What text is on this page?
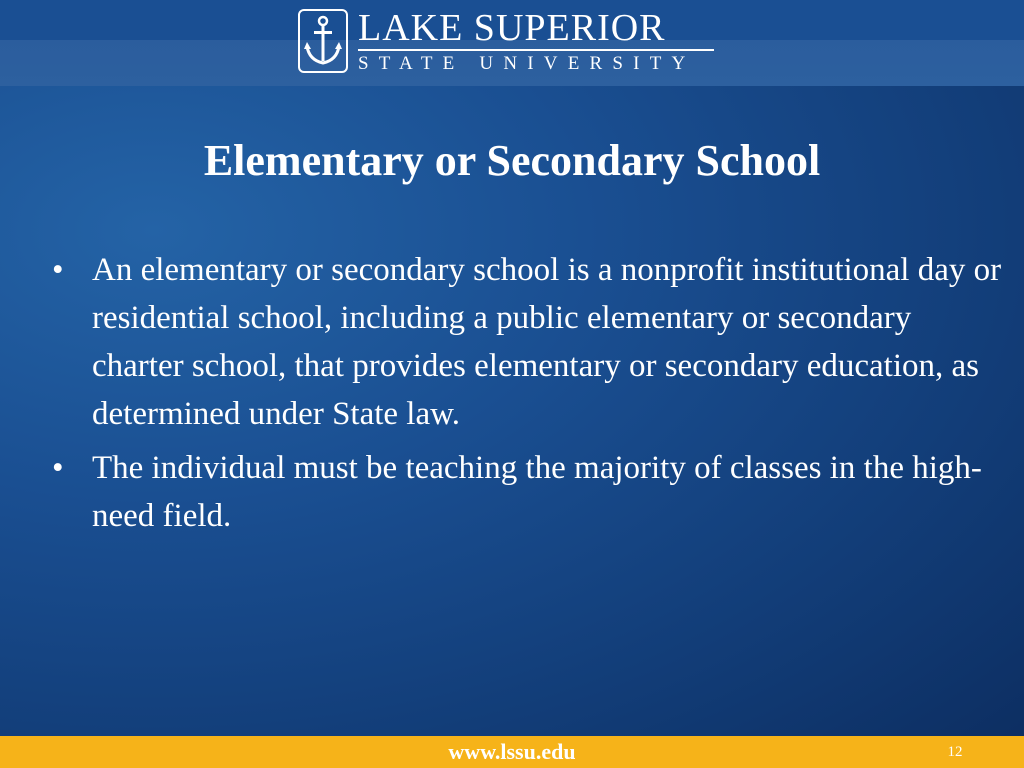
LAKE SUPERIOR
STATE UNIVERSITY
Elementary or Secondary School
• An elementary or secondary school is a nonprofit institutional day or residential school, including a public elementary or secondary charter school, that provides elementary or secondary education, as determined under State law.
• The individual must be teaching the majority of classes in the high-need field.
www.lssu.edu	12
